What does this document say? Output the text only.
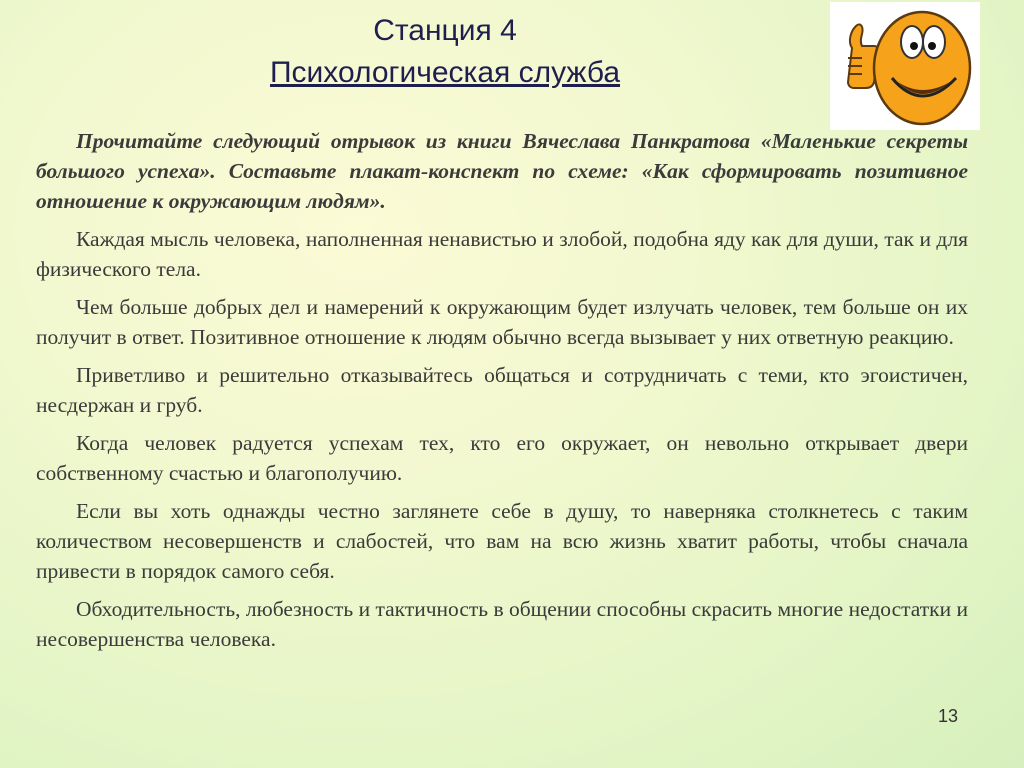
Станция 4
Психологическая служба

Прочитайте следующий отрывок из книги Вячеслава Панкратова «Маленькие секреты большого успеха». Составьте плакат-конспект по схеме: «Как сформировать позитивное отношение к окружающим людям».

Каждая мысль человека, наполненная ненавистью и злобой, подобна яду как для души, так и для физического тела.

Чем больше добрых дел и намерений к окружающим будет излучать человек, тем больше он их получит в ответ. Позитивное отношение к людям обычно всегда вызывает у них ответную реакцию.

Приветливо и решительно отказывайтесь общаться и сотрудничать с теми, кто эгоистичен, несдержан и груб.

Когда человек радуется успехам тех, кто его окружает, он невольно открывает двери собственному счастью и благополучию.

Если вы хоть однажды честно заглянете себе в душу, то наверняка столкнетесь с таким количеством несовершенств и слабостей, что вам на всю жизнь хватит работы, чтобы сначала привести в порядок самого себя.

Обходительность, любезность и тактичность в общении способны скрасить многие недостатки и несовершенства человека.

13
